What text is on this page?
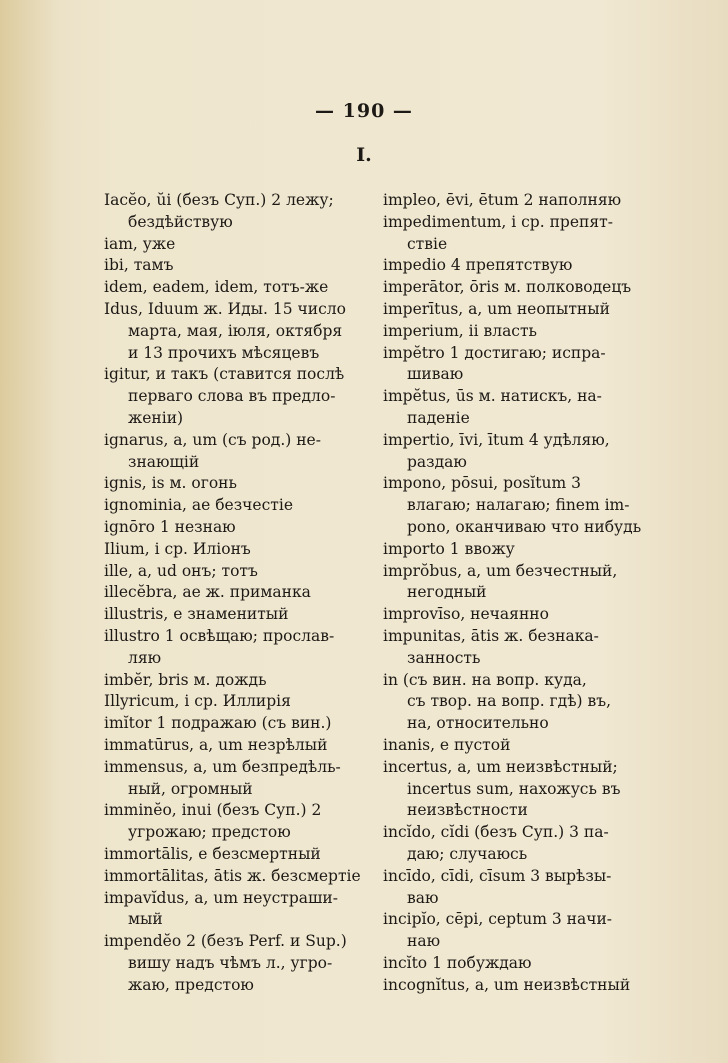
— 190 —
I.
Iacĕo, ŭi (безъ Суп.) 2 лежу;
бездѣйствую
iam, уже
ibi, тамъ
idem, eadem, idem, тотъ-же
Idus, Iduum ж. Иды. 15 число
марта, мая, іюля, октября
и 13 прочихъ мѣсяцевъ
igitur, и такъ (ставится послѣ
перваго слова въ предло-
женіи)
ignarus, a, um (съ род.) не-
знающій
ignis, is м. огонь
ignominia, ae безчестіе
ignōro 1 незнаю
Ilium, i ср. Иліонъ
ille, a, ud онъ; тотъ
illecĕbra, ae ж. приманка
illustris, e знаменитый
illustro 1 освѣщаю; прослав-
ляю
imbĕr, bris м. дождь
Illyricum, i ср. Иллирія
imĭtor 1 подражаю (съ вин.)
immatūrus, a, um незрѣлый
immensus, a, um безпредѣль-
ный, огромный
imminĕo, inui (безъ Суп.) 2
угрожаю; предстою
immortālis, e безсмертный
immortālitas, ātis ж. безсмертіе
impavĭdus, a, um неустраши-
мый
impendĕo 2 (безъ Perf. и Sup.)
вишу надъ чѣмъ л., угро-
жаю, предстою
impleo, ēvi, ētum 2 наполняю
impedimentum, i ср. препят-
ствіе
impedio 4 препятствую
imperātor, ōris м. полководецъ
imperītus, a, um неопытный
imperium, ii власть
impĕtro 1 достигаю; испра-
шиваю
impĕtus, ūs м. натискъ, на-
паденіе
impertio, īvi, ītum 4 удѣляю,
раздаю
impono, pōsui, posĭtum 3
влагаю; налагаю; finem im-
pono, оканчиваю что нибудь
importo 1 ввожу
imprŏbus, a, um безчестный,
негодный
improvīso, нечаянно
impunitas, ātis ж. безнака-
занность
in (съ вин. на вопр. куда,
съ твор. на вопр. гдѣ) въ,
на, относительно
inanis, e пустой
incertus, a, um неизвѣстный;
incertus sum, нахожусь въ
неизвѣстности
incĭdo, cĭdi (безъ Суп.) 3 па-
даю; случаюсь
incīdo, cīdi, cīsum 3 вырѣзы-
ваю
incipĭo, cēpi, ceptum 3 начи-
наю
incĭto 1 побуждаю
incognĭtus, a, um неизвѣстный
